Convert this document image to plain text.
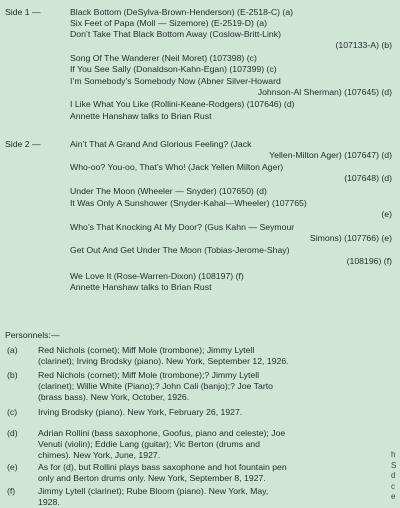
Side 1 —	Black Bottom (DeSylva-Brown-Henderson) (E-2518-C) (a)
Six Feet of Papa (Moll — Sizemore) (E-2519-D) (a)
Don’t Take That Black Bottom Away (Coslow-Britt-Link)
(107133-A) (b)
Song Of The Wanderer (Neil Moret) (107398) (c)
If You See Sally (Donaldson-Kahn-Egan) (107399) (c)
I’m Somebody’s Somebody Now (Abner Silver-Howard
Johnson-Al Sherman) (107645) (d)
I Like What You Like (Rollini-Keane-Rodgers) (107646) (d)
Annette Hanshaw talks to Brian Rust
Side 2 —	Ain’t That A Grand And Glorious Feeling? (Jack
Yellen-Milton Ager) (107647) (d)
Who-oo? You-oo, That’s Who! (Jack Yellen Milton Ager)
(107648) (d)
Under The Moon (Wheeler — Snyder) (107650) (d)
It Was Only A Sunshower (Snyder-Kahal—Wheeler) (107765)
(e)
Who’s That Knocking At My Door? (Gus Kahn — Seymour
Simons) (107766) (e)
Get Out And Get Under The Moon (Tobias-Jerome-Shay)
(108196) (f)
We Love It (Rose-Warren-Dixon) (108197) (f)
Annette Hanshaw talks to Brian Rust
Personnels:—
(a) Red Nichols (cornet); Miff Mole (trombone); Jimmy Lytell
(clarinet); Irving Brodsky (piano). New York, September 12, 1926.
(b) Red Nichols (cornet); Miff Mole (trombone);? Jimmy Lytell
(clarinet); Willie White (Piano);? John Cali (banjo);? Joe Tarto
(brass bass). New York, October, 1926.
(c) Irving Brodsky (piano). New York, February 26, 1927.
(d) Adrian Rollini (bass saxophone, Goofus, piano and celeste); Joe
Venuti (violin); Eddie Lang (guitar); Vic Berton (drums and
chimes). New York, June, 1927.
(e) As for (d), but Rollini plays bass saxophone and hot fountain pen
only and Berton drums only. New York, September 8, 1927.
(f)	Jimmy Lytell (clarinet); Rube Bloom (piano). New York, May,
1928.
h
S
d
c
e
